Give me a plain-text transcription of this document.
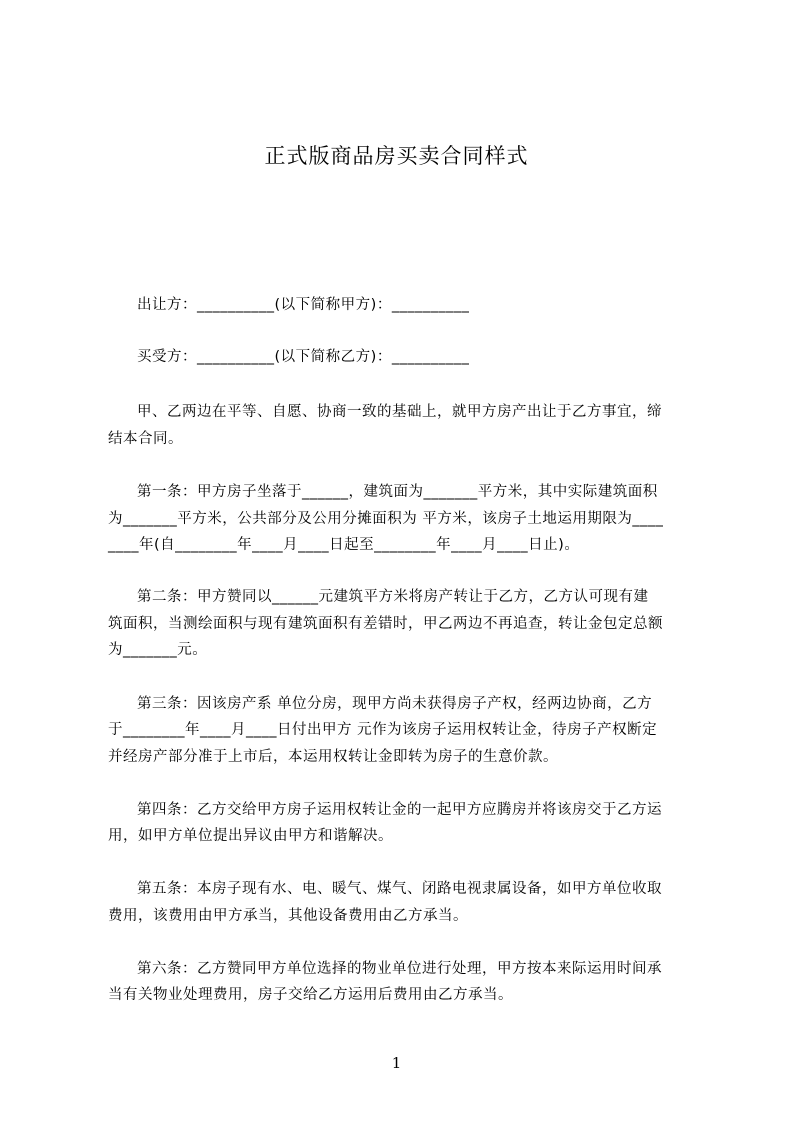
正式版商品房买卖合同样式

出让方：__________(以下简称甲方)：__________

买受方：__________(以下简称乙方)：__________

甲、乙两边在平等、自愿、协商一致的基础上，就甲方房产出让于乙方事宜，缔

结本合同。

第一条：甲方房子坐落于______，建筑面为_______平方米，其中实际建筑面积

为_______平方米，公共部分及公用分摊面积为 平方米，该房子土地运用期限为____

____年(自________年____月____日起至________年____月____日止)。

第二条：甲方赞同以______元建筑平方米将房产转让于乙方，乙方认可现有建

筑面积，当测绘面积与现有建筑面积有差错时，甲乙两边不再追查，转让金包定总额

为_______元。

第三条：因该房产系 单位分房，现甲方尚未获得房子产权，经两边协商，乙方

于________年____月____日付出甲方 元作为该房子运用权转让金，待房子产权断定

并经房产部分准于上市后，本运用权转让金即转为房子的生意价款。

第四条：乙方交给甲方房子运用权转让金的一起甲方应腾房并将该房交于乙方运

用，如甲方单位提出异议由甲方和谐解决。

第五条：本房子现有水、电、暖气、煤气、闭路电视隶属设备，如甲方单位收取

费用，该费用由甲方承当，其他设备费用由乙方承当。

第六条：乙方赞同甲方单位选择的物业单位进行处理，甲方按本来际运用时间承

当有关物业处理费用，房子交给乙方运用后费用由乙方承当。

1
